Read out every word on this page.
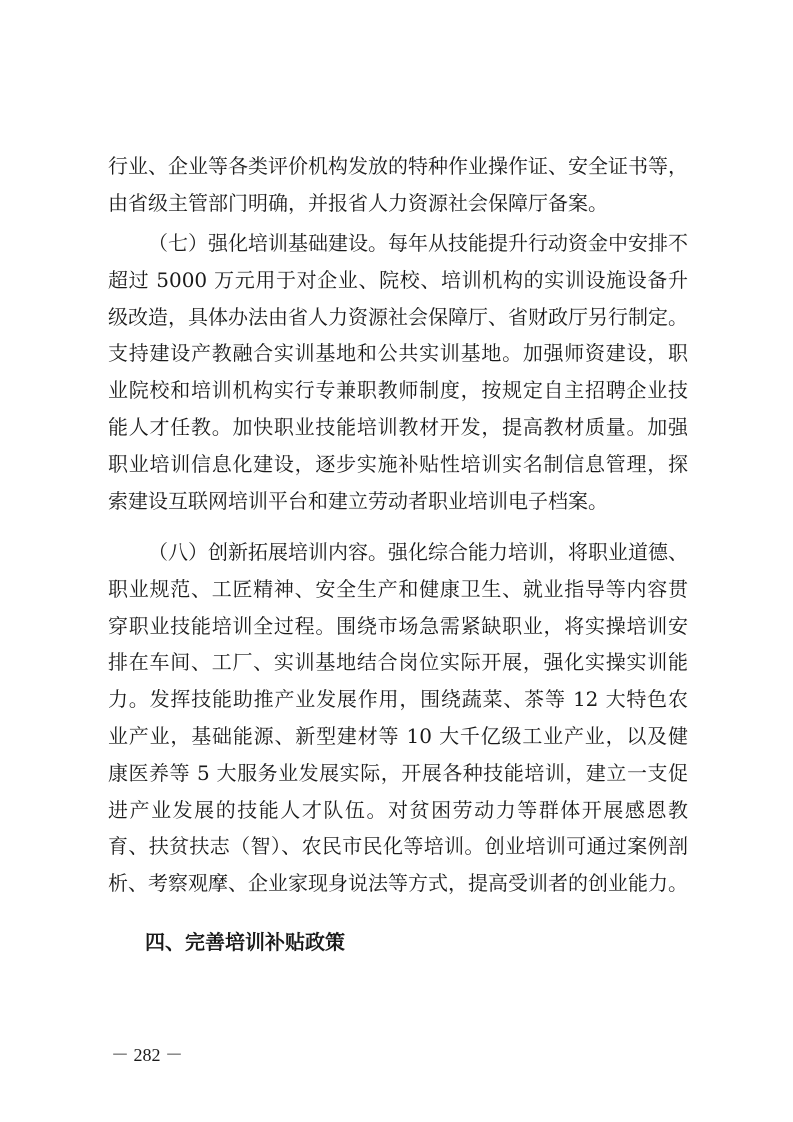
行业、企业等各类评价机构发放的特种作业操作证、安全证书等，
由省级主管部门明确，并报省人力资源社会保障厅备案。
（七）强化培训基础建设。每年从技能提升行动资金中安排不
超过 5000 万元用于对企业、院校、培训机构的实训设施设备升
级改造，具体办法由省人力资源社会保障厅、省财政厅另行制定。
支持建设产教融合实训基地和公共实训基地。加强师资建设，职
业院校和培训机构实行专兼职教师制度，按规定自主招聘企业技
能人才任教。加快职业技能培训教材开发，提高教材质量。加强
职业培训信息化建设，逐步实施补贴性培训实名制信息管理，探
索建设互联网培训平台和建立劳动者职业培训电子档案。
（八）创新拓展培训内容。强化综合能力培训，将职业道德、
职业规范、工匠精神、安全生产和健康卫生、就业指导等内容贯
穿职业技能培训全过程。围绕市场急需紧缺职业，将实操培训安
排在车间、工厂、实训基地结合岗位实际开展，强化实操实训能
力。发挥技能助推产业发展作用，围绕蔬菜、茶等 12 大特色农
业产业，基础能源、新型建材等 10 大千亿级工业产业，以及健
康医养等 5 大服务业发展实际，开展各种技能培训，建立一支促
进产业发展的技能人才队伍。对贫困劳动力等群体开展感恩教
育、扶贫扶志（智）、农民市民化等培训。创业培训可通过案例剖
析、考察观摩、企业家现身说法等方式，提高受训者的创业能力。
四、完善培训补贴政策
－ 282 －
